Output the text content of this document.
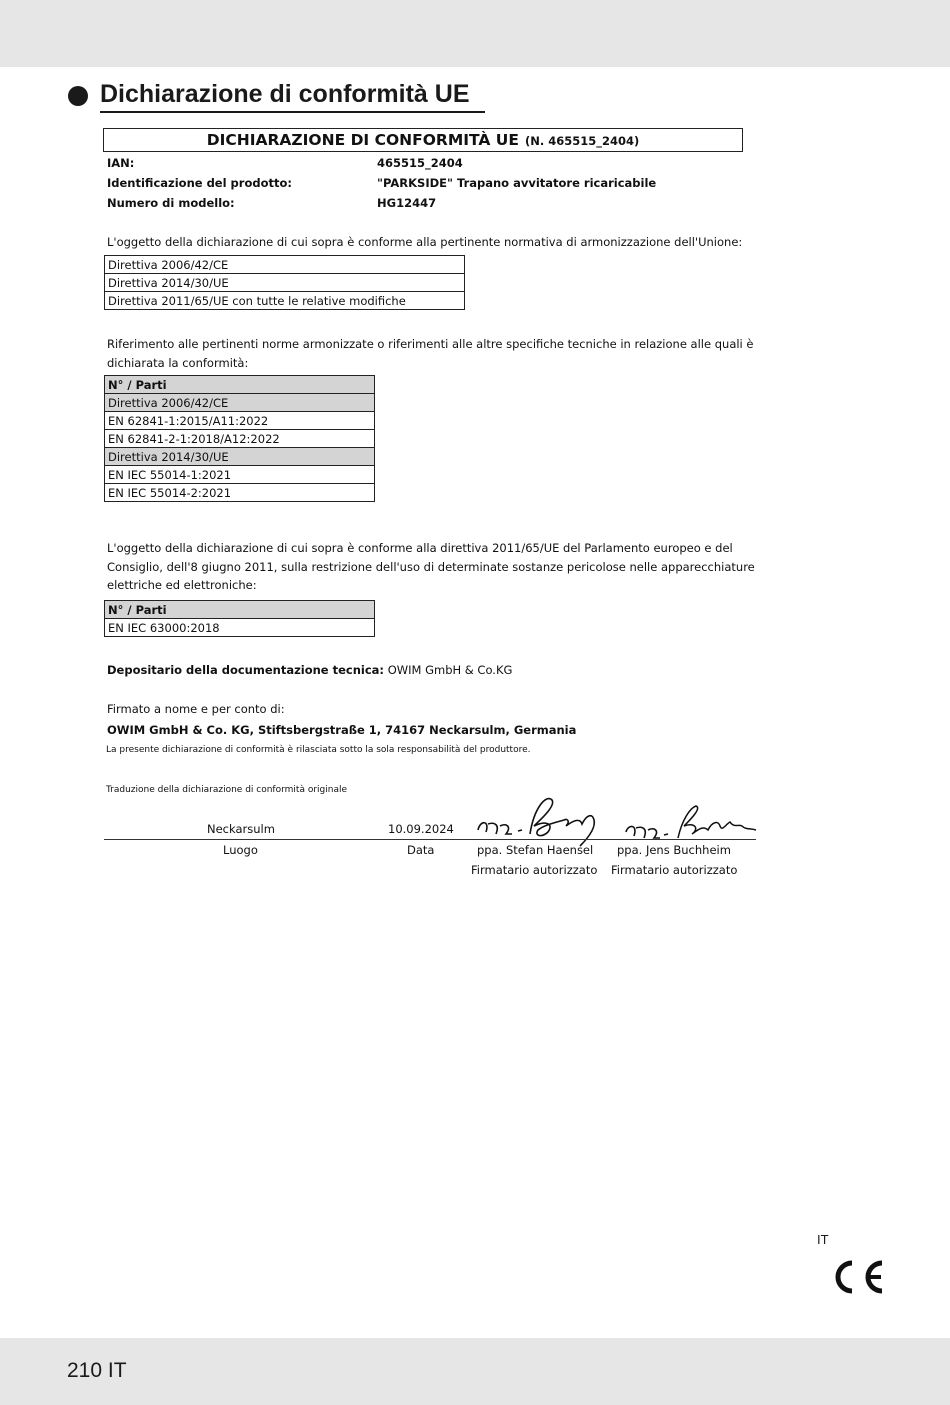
Dichiarazione di conformità UE
DICHIARAZIONE DI CONFORMITÀ UE (N. 465515_2404)
IAN:	465515_2404
Identificazione del prodotto:	"PARKSIDE" Trapano avvitatore ricaricabile
Numero di modello:	HG12447
L'oggetto della dichiarazione di cui sopra è conforme alla pertinente normativa di armonizzazione dell'Unione:
Direttiva 2006/42/CE
Direttiva 2014/30/UE
Direttiva 2011/65/UE con tutte le relative modifiche
Riferimento alle pertinenti norme armonizzate o riferimenti alle altre specifiche tecniche in relazione alle quali è dichiarata la conformità:
N° / Parti
Direttiva 2006/42/CE
EN 62841-1:2015/A11:2022
EN 62841-2-1:2018/A12:2022
Direttiva 2014/30/UE
EN IEC 55014-1:2021
EN IEC 55014-2:2021
L'oggetto della dichiarazione di cui sopra è conforme alla direttiva 2011/65/UE del Parlamento europeo e del Consiglio, dell'8 giugno 2011, sulla restrizione dell'uso di determinate sostanze pericolose nelle apparecchiature elettriche ed elettroniche:
N° / Parti
EN IEC 63000:2018
Depositario della documentazione tecnica: OWIM GmbH & Co.KG
Firmato a nome e per conto di:
OWIM GmbH & Co. KG, Stiftsbergstraße 1, 74167 Neckarsulm, Germania
La presente dichiarazione di conformità è rilasciata sotto la sola responsabilità del produttore.
Traduzione della dichiarazione di conformità originale
Neckarsulm	10.09.2024
Luogo	Data	ppa. Stefan Haensel ppa. Jens Buchheim
Firmatario autorizzato Firmatario autorizzato
IT
210 IT
